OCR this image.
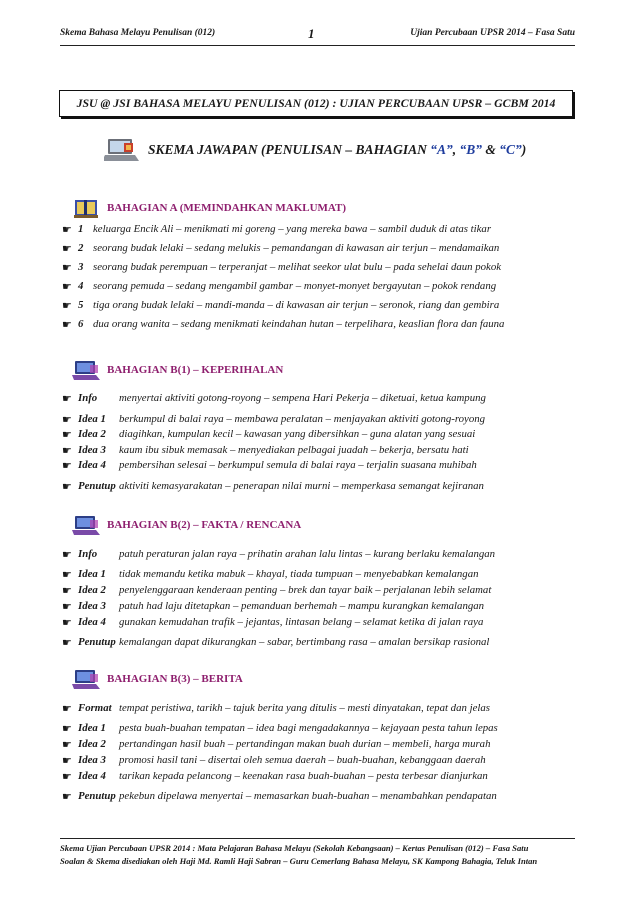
Skema Bahasa Melayu Penulisan (012)	1	Ujian Percubaan UPSR 2014 – Fasa Satu
JSU @ JSI BAHASA MELAYU PENULISAN (012) : UJIAN PERCUBAAN UPSR – GCBM 2014
SKEMA JAWAPAN (PENULISAN – BAHAGIAN “A”, “B” & “C”)
BAHAGIAN A (MEMINDAHKAN MAKLUMAT)
☛ 1 keluarga Encik Ali – menikmati mi goreng – yang mereka bawa – sambil duduk di atas tikar
☛ 2 seorang budak lelaki – sedang melukis – pemandangan di kawasan air terjun – mendamaikan
☛ 3 seorang budak perempuan – terperanjat – melihat seekor ulat bulu – pada sehelai daun pokok
☛ 4 seorang pemuda – sedang mengambil gambar – monyet-monyet bergayutan – pokok rendang
☛ 5 tiga orang budak lelaki – mandi-manda – di kawasan air terjun – seronok, riang dan gembira
☛ 6 dua orang wanita – sedang menikmati keindahan hutan – terpelihara, keaslian flora dan fauna
BAHAGIAN B(1) – KEPERIHALAN
☛ Info menyertai aktiviti gotong-royong – sempena Hari Pekerja – diketuai, ketua kampung
☛ Idea 1 berkumpul di balai raya – membawa peralatan – menjayakan aktiviti gotong-royong
☛ Idea 2 diagihkan, kumpulan kecil – kawasan yang dibersihkan – guna alatan yang sesuai
☛ Idea 3 kaum ibu sibuk memasak – menyediakan pelbagai juadah – bekerja, bersatu hati
☛ Idea 4 pembersihan selesai – berkumpul semula di balai raya – terjalin suasana muhibah
☛ Penutup aktiviti kemasyarakatan – penerapan nilai murni – memperkasa semangat kejiranan
BAHAGIAN B(2) – FAKTA / RENCANA
☛ Info patuh peraturan jalan raya – prihatin arahan lalu lintas – kurang berlaku kemalangan
☛ Idea 1 tidak memandu ketika mabuk – khayal, tiada tumpuan – menyebabkan kemalangan
☛ Idea 2 penyelenggaraan kenderaan penting – brek dan tayar baik – perjalanan lebih selamat
☛ Idea 3 patuh had laju ditetapkan – pemanduan berhemah – mampu kurangkan kemalangan
☛ Idea 4 gunakan kemudahan trafik – jejantas, lintasan belang – selamat ketika di jalan raya
☛ Penutup kemalangan dapat dikurangkan – sabar, bertimbang rasa – amalan bersikap rasional
BAHAGIAN B(3) – BERITA
☛ Format tempat peristiwa, tarikh – tajuk berita yang ditulis – mesti dinyatakan, tepat dan jelas
☛ Idea 1 pesta buah-buahan tempatan – idea bagi mengadakannya – kejayaan pesta tahun lepas
☛ Idea 2 pertandingan hasil buah – pertandingan makan buah durian – membeli, harga murah
☛ Idea 3 promosi hasil tani – disertai oleh semua daerah – buah-buahan, kebanggaan daerah
☛ Idea 4 tarikan kepada pelancong – keenakan rasa buah-buahan – pesta terbesar dianjurkan
☛ Penutup pekebun dipelawa menyertai – memasarkan buah-buahan – menambahkan pendapatan
Skema Ujian Percubaan UPSR 2014 : Mata Pelajaran Bahasa Melayu (Sekolah Kebangsaan) – Kertas Penulisan (012) – Fasa Satu
Soalan & Skema disediakan oleh Haji Md. Ramli Haji Sabran – Guru Cemerlang Bahasa Melayu, SK Kampong Bahagia, Teluk Intan
